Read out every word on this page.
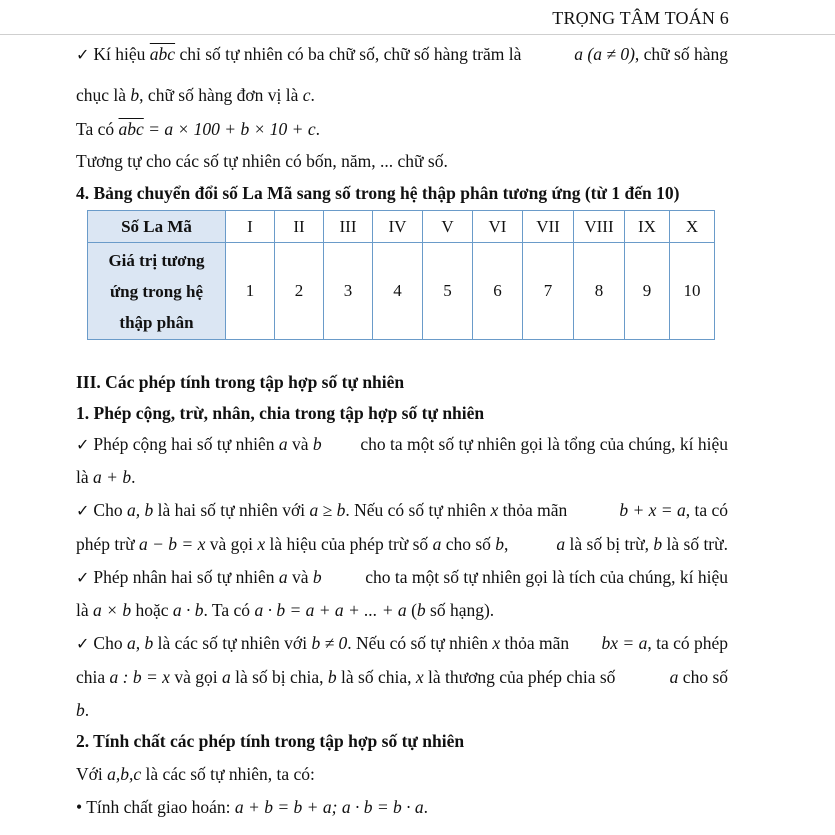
TRỌNG TÂM TOÁN 6
✓ Kí hiệu $\overline{abc}$ chỉ số tự nhiên có ba chữ số, chữ số hàng trăm là	a (a ≠ 0), chữ số hàng
chục là b, chữ số hàng đơn vị là c.
Ta có $\overline{abc} = a \times 100 + b \times 10 + c$.
Tương tự cho các số tự nhiên có bốn, năm, ... chữ số.
4. Bảng chuyển đổi số La Mã sang số trong hệ thập phân tương ứng (từ 1 đến 10)
Số La Mã	I	II	III	IV	V	VI	VII	VIII	IX	X

Giá trị tương
ứng trong hệ
thập phân	1	2	3	4	5	6	7	8	9	10
III. Các phép tính trong tập hợp số tự nhiên
1. Phép cộng, trừ, nhân, chia trong tập hợp số tự nhiên
✓ Phép cộng hai số tự nhiên a và b cho ta một số tự nhiên gọi là tổng của chúng, kí hiệu
là a + b.
✓ Cho a, b là hai số tự nhiên với a ≥ b. Nếu có số tự nhiên x thỏa mãn	b + x = a, ta có
phép trừ a − b = x và gọi x là hiệu của phép trừ số a cho số b,	a là số bị trừ, b là số trừ.
✓ Phép nhân hai số tự nhiên a và b cho ta một số tự nhiên gọi là tích của chúng, kí hiệu
là a × b hoặc a · b. Ta có a · b = a + a + ... + a (b số hạng).
✓ Cho a, b là các số tự nhiên với b ≠ 0. Nếu có số tự nhiên x thỏa mãn bx = a, ta có phép
chia a : b = x và gọi a là số bị chia, b là số chia, x là thương của phép chia số	a cho số
b.
2. Tính chất các phép tính trong tập hợp số tự nhiên
Với a,b,c là các số tự nhiên, ta có:
• Tính chất giao hoán: a + b = b + a; a · b = b · a.
